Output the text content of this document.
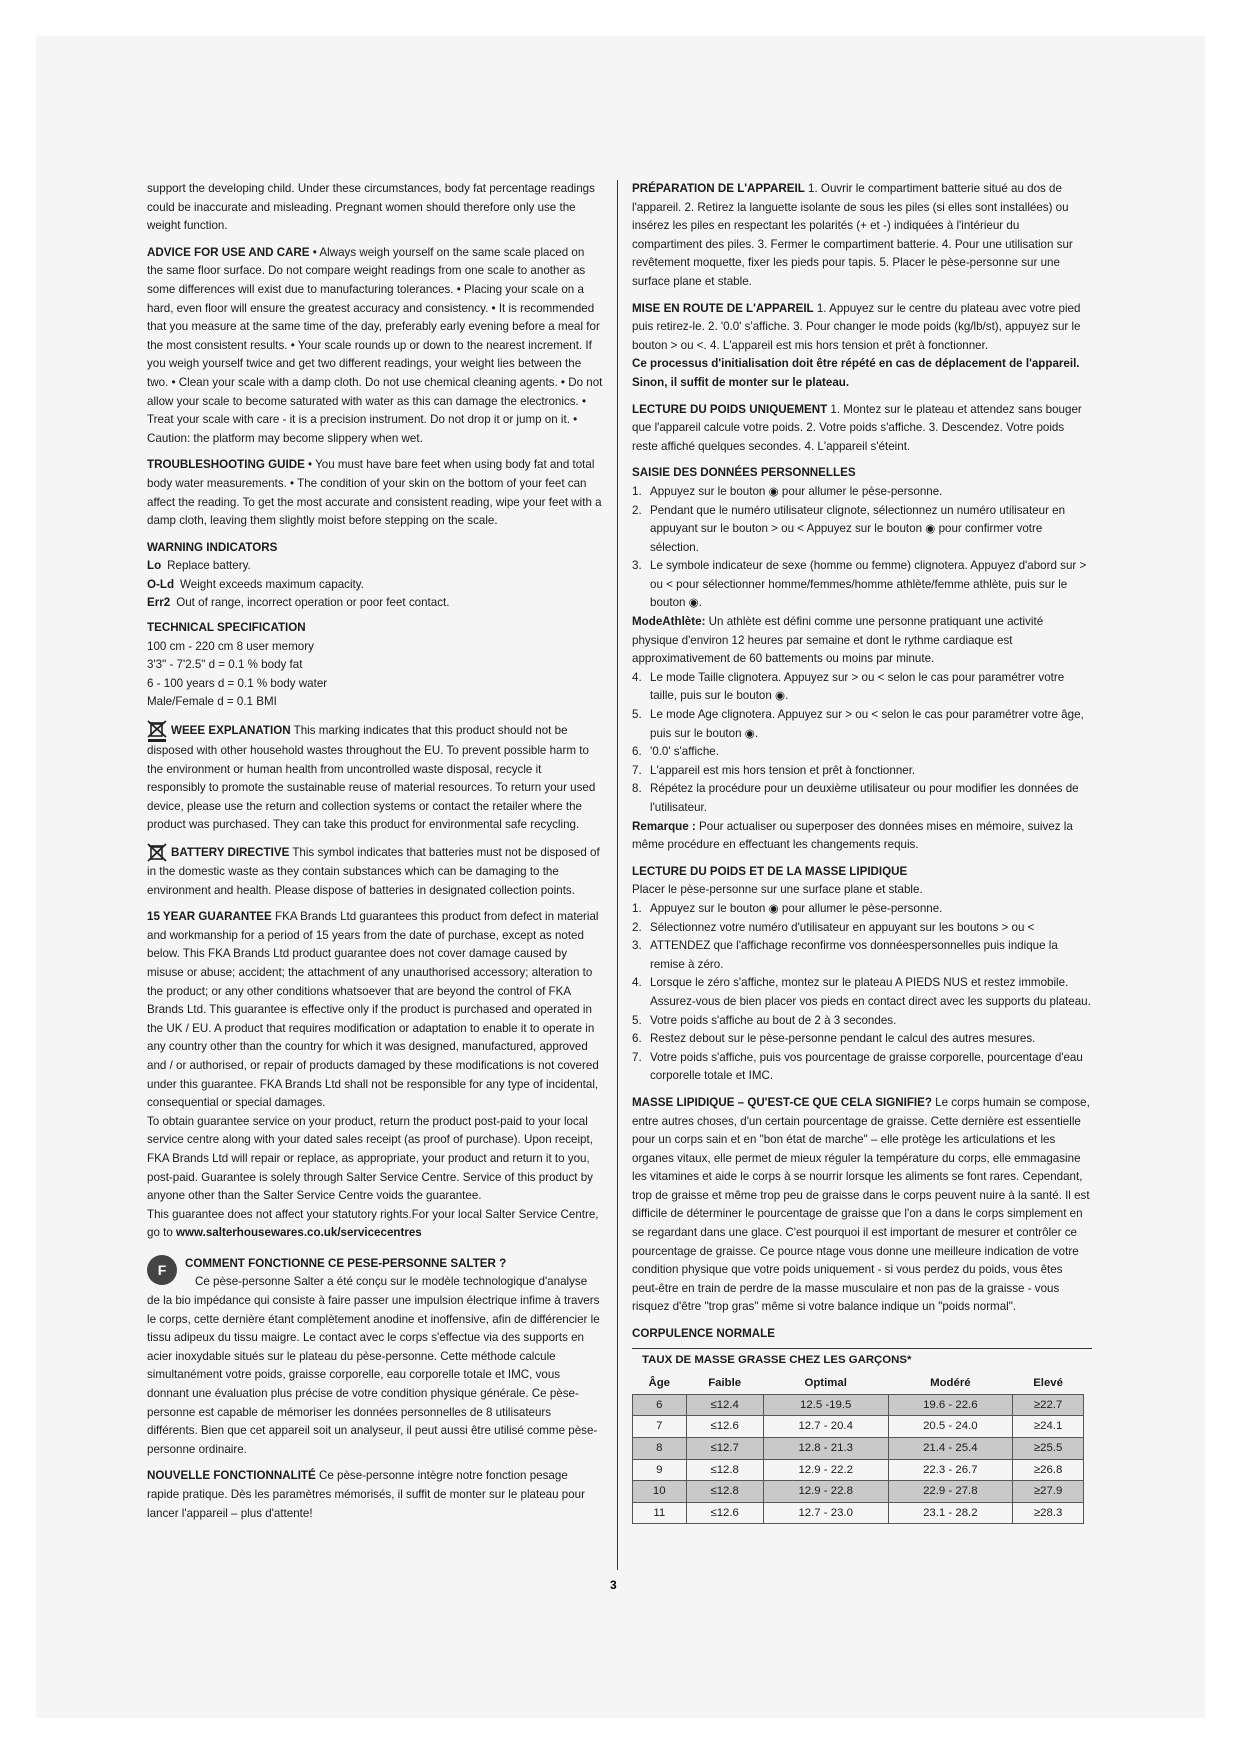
support the developing child. Under these circumstances, body fat percentage readings could be inaccurate and misleading. Pregnant women should therefore only use the weight function.

ADVICE FOR USE AND CARE • Always weigh yourself on the same scale placed on the same floor surface. Do not compare weight readings from one scale to another as some differences will exist due to manufacturing tolerances. • Placing your scale on a hard, even floor will ensure the greatest accuracy and consistency. • It is recommended that you measure at the same time of the day, preferably early evening before a meal for the most consistent results. • Your scale rounds up or down to the nearest increment. If you weigh yourself twice and get two different readings, your weight lies between the two. • Clean your scale with a damp cloth. Do not use chemical cleaning agents. • Do not allow your scale to become saturated with water as this can damage the electronics. • Treat your scale with care - it is a precision instrument. Do not drop it or jump on it. • Caution: the platform may become slippery when wet.

TROUBLESHOOTING GUIDE • You must have bare feet when using body fat and total body water measurements. • The condition of your skin on the bottom of your feet can affect the reading. To get the most accurate and consistent reading, wipe your feet with a damp cloth, leaving them slightly moist before stepping on the scale.

WARNING INDICATORS
Lo Replace battery.
O-Ld Weight exceeds maximum capacity.
Err2 Out of range, incorrect operation or poor feet contact.
TECHNICAL SPECIFICATION
100 cm - 220 cm 8 user memory
3'3" - 7'2.5" d = 0.1 % body fat
6 - 100 years d = 0.1 % body water
Male/Female d = 0.1 BMI

WEEE EXPLANATION This marking indicates that this product should not be disposed with other household wastes throughout the EU. To prevent possible harm to the environment or human health from uncontrolled waste disposal, recycle it responsibly to promote the sustainable reuse of material resources. To return your used device, please use the return and collection systems or contact the retailer where the product was purchased. They can take this product for environmental safe recycling.

BATTERY DIRECTIVE This symbol indicates that batteries must not be disposed of in the domestic waste as they contain substances which can be damaging to the environment and health. Please dispose of batteries in designated collection points.

15 YEAR GUARANTEE FKA Brands Ltd guarantees this product from defect in material and workmanship for a period of 15 years from the date of purchase, except as noted below. This FKA Brands Ltd product guarantee does not cover damage caused by misuse or abuse; accident; the attachment of any unauthorised accessory; alteration to the product; or any other conditions whatsoever that are beyond the control of FKA Brands Ltd. This guarantee is effective only if the product is purchased and operated in the UK / EU. A product that requires modification or adaptation to enable it to operate in any country other than the country for which it was designed, manufactured, approved and / or authorised, or repair of products damaged by these modifications is not covered under this guarantee. FKA Brands Ltd shall not be responsible for any type of incidental, consequential or special damages.

To obtain guarantee service on your product, return the product post-paid to your local service centre along with your dated sales receipt (as proof of purchase). Upon receipt, FKA Brands Ltd will repair or replace, as appropriate, your product and return it to you, post-paid. Guarantee is solely through Salter Service Centre. Service of this product by anyone other than the Salter Service Centre voids the guarantee.

This guarantee does not affect your statutory rights.For your local Salter Service Centre, go to www.salterhousewares.co.uk/servicecentres

F	COMMENT FONCTIONNE CE PESE-PERSONNE SALTER ?

Ce pèse-personne Salter a été conçu sur le modèle technologique d'analyse de la bio impédance qui consiste à faire passer une impulsion électrique infime à travers le corps, cette dernière étant complètement anodine et inoffensive, afin de différencier le tissu adipeux du tissu maigre. Le contact avec le corps s'effectue via des supports en acier inoxydable situés sur le plateau du pèse-personne. Cette méthode calcule simultanément votre poids, graisse corporelle, eau corporelle totale et IMC, vous donnant une évaluation plus précise de votre condition physique générale. Ce pèse-personne est capable de mémoriser les données personnelles de 8 utilisateurs différents. Bien que cet appareil soit un analyseur, il peut aussi être utilisé comme pèse-personne ordinaire.

NOUVELLE FONCTIONNALITÉ Ce pèse-personne intègre notre fonction pesage rapide pratique. Dès les paramètres mémorisés, il suffit de monter sur le plateau pour lancer l'appareil – plus d'attente!

PRÉPARATION DE L'APPAREIL 1. Ouvrir le compartiment batterie situé au dos de l'appareil. 2. Retirez la languette isolante de sous les piles (si elles sont installées) ou insérez les piles en respectant les polarités (+ et -) indiquées à l'intérieur du compartiment des piles. 3. Fermer le compartiment batterie. 4. Pour une utilisation sur revêtement moquette, fixer les pieds pour tapis. 5. Placer le pèse-personne sur une surface plane et stable.

MISE EN ROUTE DE L'APPAREIL 1. Appuyez sur le centre du plateau avec votre pied puis retirez-le. 2. '0.0' s'affiche. 3. Pour changer le mode poids (kg/lb/st), appuyez sur le bouton > ou <. 4. L'appareil est mis hors tension et prêt à fonctionner.

Ce processus d'initialisation doit être répété en cas de déplacement de l'appareil. Sinon, il suffit de monter sur le plateau.

LECTURE DU POIDS UNIQUEMENT 1. Montez sur le plateau et attendez sans bouger que l'appareil calcule votre poids. 2. Votre poids s'affiche. 3. Descendez. Votre poids reste affiché quelques secondes. 4. L'appareil s'éteint.

SAISIE DES DONNÉES PERSONNELLES
1. Appuyez sur le bouton ◉ pour allumer le pèse-personne.
2. Pendant que le numéro utilisateur clignote, sélectionnez un numéro utilisateur en appuyant sur le bouton > ou < Appuyez sur le bouton ◉ pour confirmer votre sélection.
3. Le symbole indicateur de sexe (homme ou femme) clignotera. Appuyez d'abord sur > ou < pour sélectionner homme/femmes/homme athlète/femme athlète, puis sur le bouton ◉.

ModeAthlète: Un athlète est défini comme une personne pratiquant une activité physique d'environ 12 heures par semaine et dont le rythme cardiaque est approximativement de 60 battements ou moins par minute.

4. Le mode Taille clignotera. Appuyez sur > ou < selon le cas pour paramétrer votre taille, puis sur le bouton ◉.
5. Le mode Age clignotera. Appuyez sur > ou < selon le cas pour paramétrer votre âge, puis sur le bouton ◉.
6. '0.0' s'affiche.
7. L'appareil est mis hors tension et prêt à fonctionner.
8. Répétez la procédure pour un deuxième utilisateur ou pour modifier les données de l'utilisateur.

Remarque : Pour actualiser ou superposer des données mises en mémoire, suivez la même procédure en effectuant les changements requis.

LECTURE DU POIDS ET DE LA MASSE LIPIDIQUE
Placer le pèse-personne sur une surface plane et stable.
1. Appuyez sur le bouton ◉ pour allumer le pèse-personne.
2. Sélectionnez votre numéro d'utilisateur en appuyant sur les boutons > ou <
3. ATTENDEZ que l'affichage reconfirme vos donnéespersonnelles puis indique la remise à zéro.
4. Lorsque le zéro s'affiche, montez sur le plateau A PIEDS NUS et restez immobile. Assurez-vous de bien placer vos pieds en contact direct avec les supports du plateau.
5. Votre poids s'affiche au bout de 2 à 3 secondes.
6. Restez debout sur le pèse-personne pendant le calcul des autres mesures.
7. Votre poids s'affiche, puis vos pourcentage de graisse corporelle, pourcentage d'eau corporelle totale et IMC.

MASSE LIPIDIQUE – QU'EST-CE QUE CELA SIGNIFIE? Le corps humain se compose, entre autres choses, d'un certain pourcentage de graisse. Cette dernière est essentielle pour un corps sain et en "bon état de marche" – elle protège les articulations et les organes vitaux, elle permet de mieux réguler la température du corps, elle emmagasine les vitamines et aide le corps à se nourrir lorsque les aliments se font rares. Cependant, trop de graisse et même trop peu de graisse dans le corps peuvent nuire à la santé. Il est difficile de déterminer le pourcentage de graisse que l'on a dans le corps simplement en se regardant dans une glace. C'est pourquoi il est important de mesurer et contrôler ce pourcentage de graisse. Ce pource ntage vous donne une meilleure indication de votre condition physique que votre poids uniquement - si vous perdez du poids, vous êtes peut-être en train de perdre de la masse musculaire et non pas de la graisse - vous risquez d'être "trop gras" même si votre balance indique un "poids normal".

CORPULENCE NORMALE
TAUX DE MASSE GRASSE CHEZ LES GARÇONS*
Âge	Faible	Optimal	Modéré	Elevé
6	≤12.4	12.5 -19.5	19.6 - 22.6	≥22.7
7	≤12.6	12.7 - 20.4	20.5 - 24.0	≥24.1
8	≤12.7	12.8 - 21.3	21.4 - 25.4	≥25.5
9	≤12.8	12.9 - 22.2	22.3 - 26.7	≥26.8
10	≤12.8	12.9 - 22.8	22.9 - 27.8	≥27.9
11	≤12.6	12.7 - 23.0	23.1 - 28.2	≥28.3
3
